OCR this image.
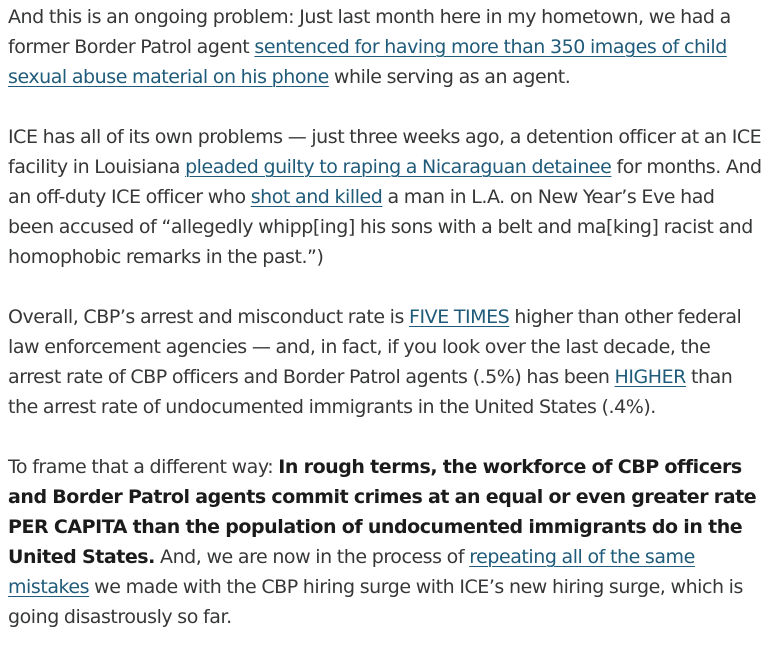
And this is an ongoing problem: Just last month here in my hometown, we had a former Border Patrol agent sentenced for having more than 350 images of child sexual abuse material on his phone while serving as an agent.

ICE has all of its own problems — just three weeks ago, a detention officer at an ICE facility in Louisiana pleaded guilty to raping a Nicaraguan detainee for months. And an off-duty ICE officer who shot and killed a man in L.A. on New Year’s Eve had been accused of “allegedly whipp[ing] his sons with a belt and ma[king] racist and homophobic remarks in the past.”)

Overall, CBP’s arrest and misconduct rate is FIVE TIMES higher than other federal law enforcement agencies — and, in fact, if you look over the last decade, the arrest rate of CBP officers and Border Patrol agents (.5%) has been HIGHER than the arrest rate of undocumented immigrants in the United States (.4%).

To frame that a different way: In rough terms, the workforce of CBP officers and Border Patrol agents commit crimes at an equal or even greater rate PER CAPITA than the population of undocumented immigrants do in the United States. And, we are now in the process of repeating all of the same mistakes we made with the CBP hiring surge with ICE’s new hiring surge, which is going disastrously so far.
